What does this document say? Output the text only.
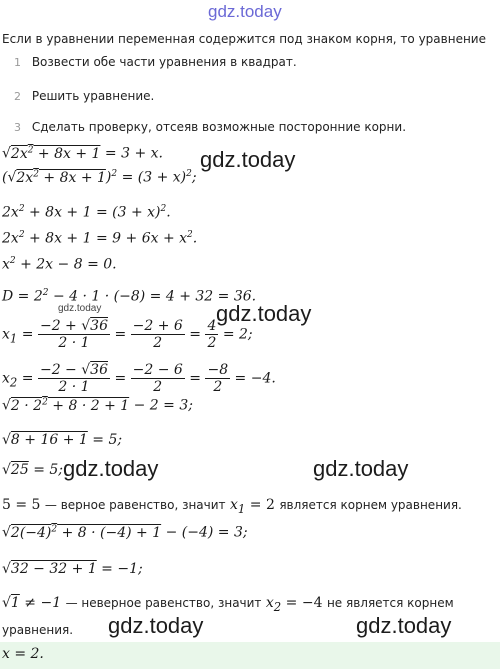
gdz.today
Если в уравнении переменная содержится под знаком корня, то уравнение
1 Возвести обе части уравнения в квадрат.
2 Решить уравнение.
3 Сделать проверку, отсеяв возможные посторонние корни.
$√2x^2 + 8x + 1 = 3 + x$.
$(√2x^2 + 8x + 1)^2 = (3 + x)^2$;
$2x^2 + 8x + 1 = (3 + x)^2$.
$2x^2 + 8x + 1 = 9 + 6x + x^2$.
$x^2 + 2x - 8 = 0$.
$D = 2^2 - 4 \cdot 1 \cdot (-8) = 4 + 32 = 36$.
gdz.today
$x_1 = \frac{-2 + √36}{2 \cdot 1} = \frac{-2 + 6}{2} = \frac{4}{2} = 2$;
$x_2 = \frac{-2 - √36}{2 \cdot 1} = \frac{-2 - 6}{2} = \frac{-8}{2} = -4$.
$√2 \cdot 2^2 + 8 \cdot 2 + 1 - 2 = 3$;
√8 + 16 + 1 = 5;
√25 = 5;
5 = 5 — верное равенство, значит $x_1 = 2$ является корнем уравнения.
$√2(-4)^2 + 8 \cdot (-4) + 1 - (-4) = 3$;
√32 − 32 + 1 = −1;
√1 ≠ −1 — неверное равенство, значит $x_2 = -4$ не является корнем
уравнения.
gdz.today
gdz.today
gdz.today	gdz.today
gdz.today	gdz.today
x = 2.
